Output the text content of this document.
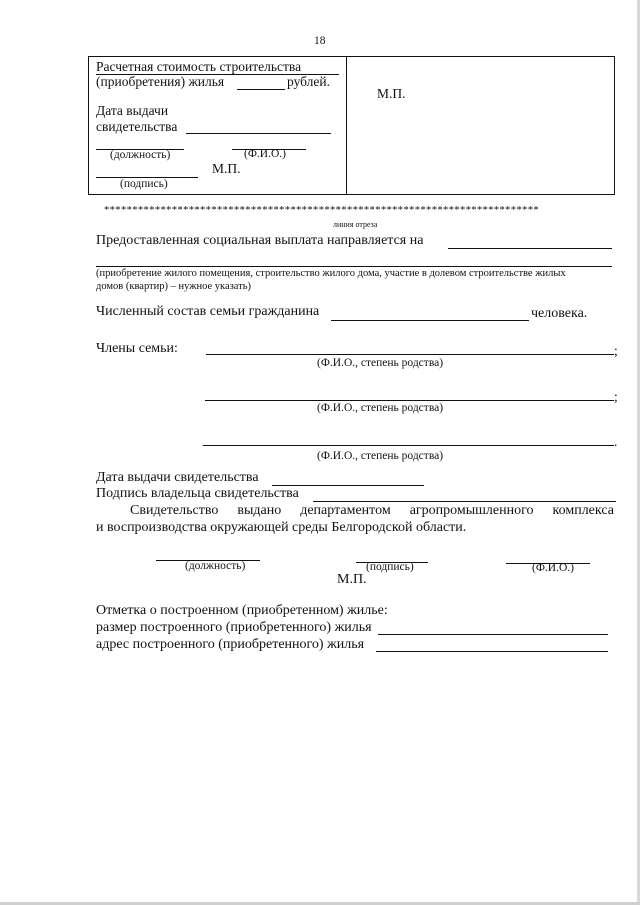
18
Расчетная стоимость строительства
(приобретения) жилья	рублей.
Дата выдачи
свидетельства
(должность)	(Ф.И.О.)
М.П.
(подпись)
М.П.
*****************************************************************************
линия отреза
Предоставленная социальная выплата направляется на
(приобретение жилого помещения, строительство жилого дома, участие в долевом строительстве жилых
домов (квартир) – нужное указать)
Численный состав семьи гражданина	человека.
Члены семьи:	;
(Ф.И.О., степень родства)
;
(Ф.И.О., степень родства)
.
(Ф.И.О., степень родства)
Дата выдачи свидетельства
Подпись владельца свидетельства
Свидетельство выдано департаментом агропромышленного комплекса
и воспроизводства окружающей среды Белгородской области.
(должность)	(подпись)	(Ф.И.О.)
М.П.
Отметка о построенном (приобретенном) жилье:
размер построенного (приобретенного) жилья
адрес построенного (приобретенного) жилья
